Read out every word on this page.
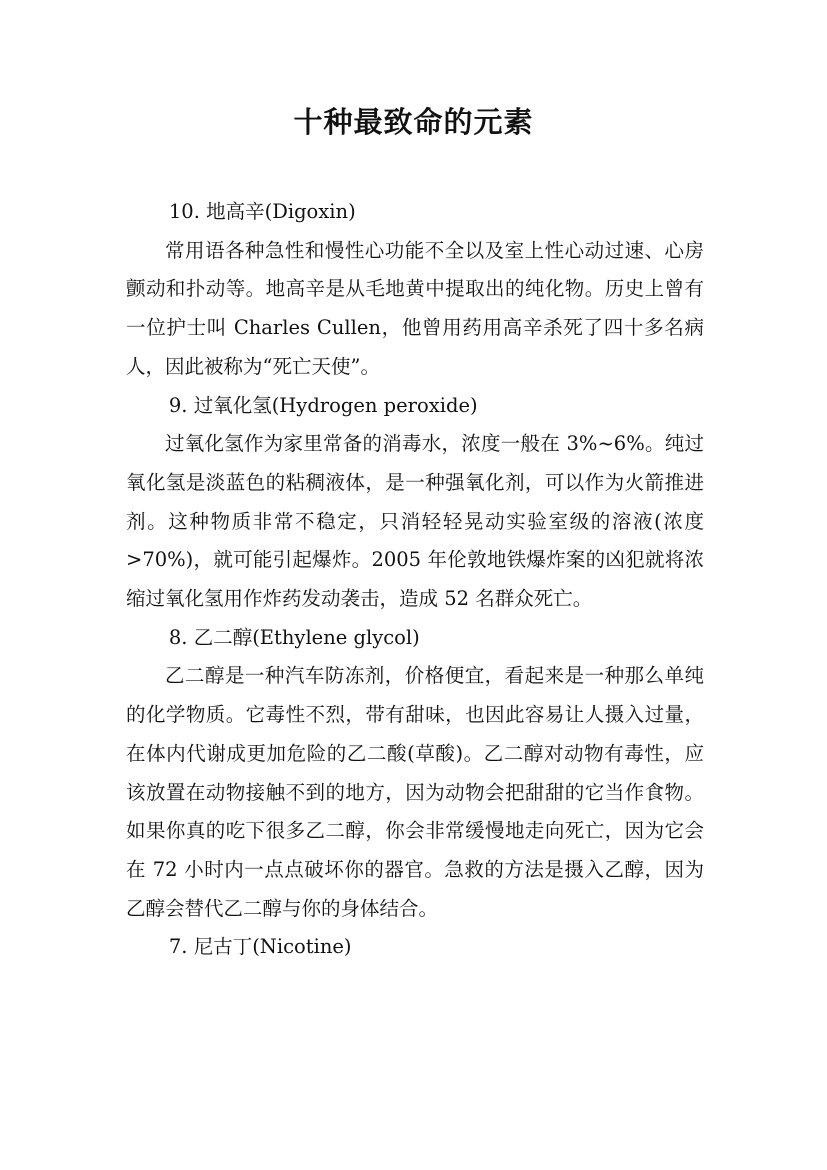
十种最致命的元素

10. 地高辛(Digoxin)

常用语各种急性和慢性心功能不全以及室上性心动过速、心房颤动和扑动等。地高辛是从毛地黄中提取出的纯化物。历史上曾有一位护士叫 Charles Cullen，他曾用药用高辛杀死了四十多名病人，因此被称为“死亡天使”。

9. 过氧化氢(Hydrogen peroxide)

过氧化氢作为家里常备的消毒水，浓度一般在 3%~6%。纯过氧化氢是淡蓝色的粘稠液体，是一种强氧化剂，可以作为火箭推进剂。这种物质非常不稳定，只消轻轻晃动实验室级的溶液(浓度>70%)，就可能引起爆炸。2005 年伦敦地铁爆炸案的凶犯就将浓缩过氧化氢用作炸药发动袭击，造成 52 名群众死亡。

8. 乙二醇(Ethylene glycol)

乙二醇是一种汽车防冻剂，价格便宜，看起来是一种那么单纯的化学物质。它毒性不烈，带有甜味，也因此容易让人摄入过量，在体内代谢成更加危险的乙二酸(草酸)。乙二醇对动物有毒性，应该放置在动物接触不到的地方，因为动物会把甜甜的它当作食物。如果你真的吃下很多乙二醇，你会非常缓慢地走向死亡，因为它会在 72 小时内一点点破坏你的器官。急救的方法是摄入乙醇，因为乙醇会替代乙二醇与你的身体结合。

7. 尼古丁(Nicotine)
